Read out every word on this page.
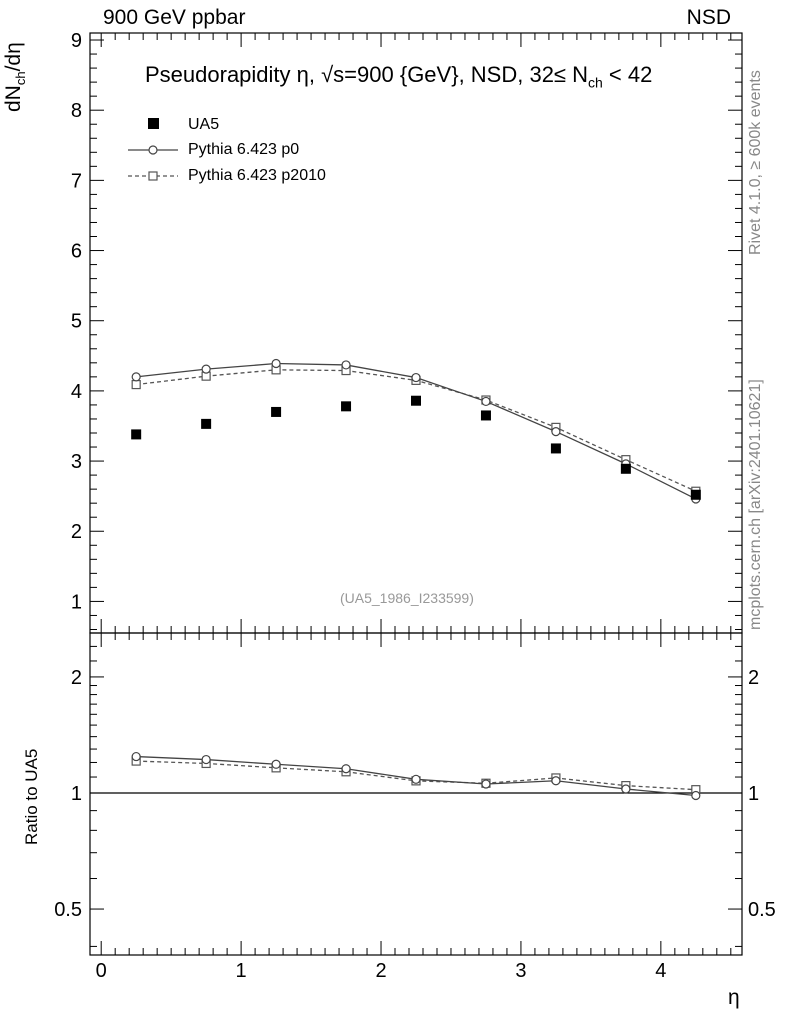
900 GeV ppbar	NSD
Pseudorapidity η, √s=900 {GeV}, NSD, $32\le N_{ch} < 42$
$dN_{ch}/d\eta$
Ratio to UA5
Rivet 4.1.0, ≥ 600k events
mcplots.cern.ch [arXiv:2401.10621]
(UA5_1986_I233599)
η
UA5
Pythia 6.423 p0
Pythia 6.423 p2010
0	1	2	3	4
1
2
3
4
5
6
7
8
9
0.5	0.5
1	1
2	2
